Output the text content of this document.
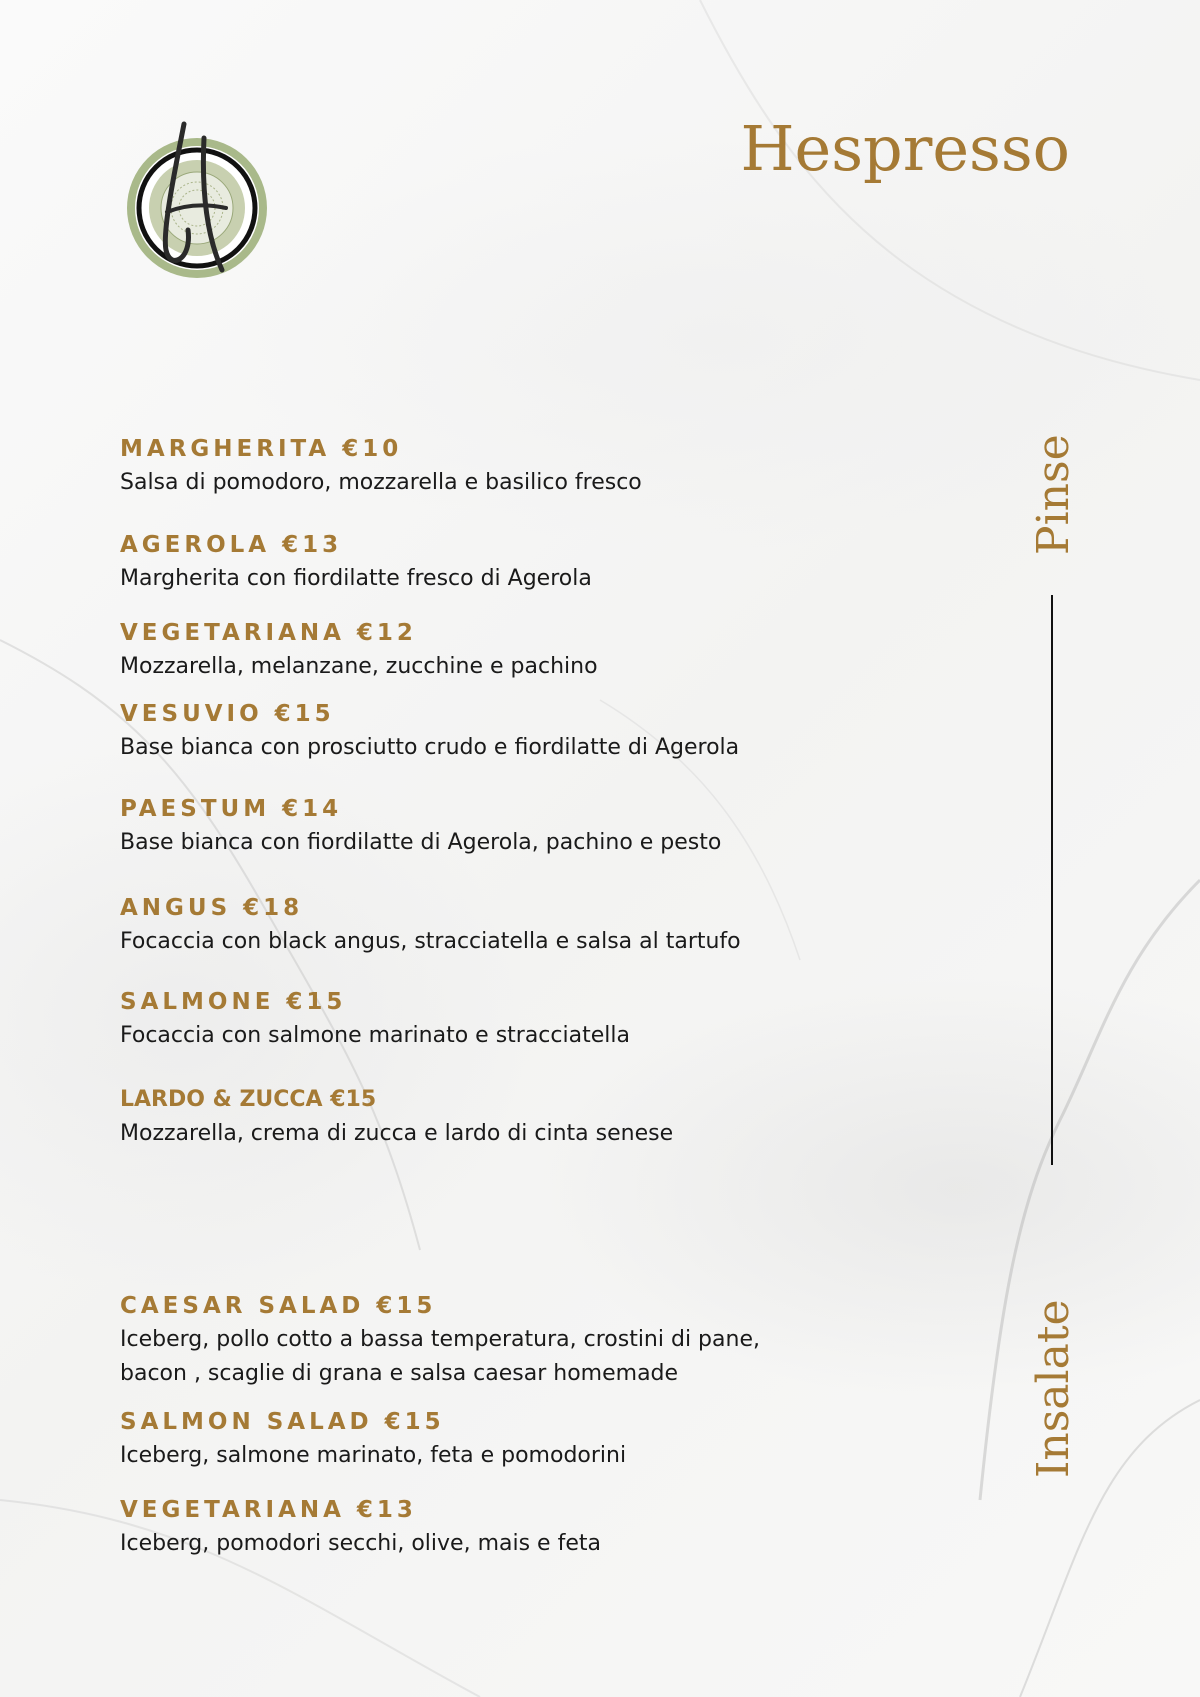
Hespresso
Pinse
Insalate
MARGHERITA €10
Salsa di pomodoro, mozzarella e basilico fresco
AGEROLA €13
Margherita con fiordilatte fresco di Agerola
VEGETARIANA €12
Mozzarella, melanzane, zucchine e pachino
VESUVIO €15
Base bianca con prosciutto crudo e fiordilatte di Agerola
PAESTUM €14
Base bianca con fiordilatte di Agerola, pachino e pesto
ANGUS €18
Focaccia con black angus, stracciatella e salsa al tartufo
SALMONE €15
Focaccia con salmone marinato e stracciatella
LARDO & ZUCCA €15
Mozzarella, crema di zucca e lardo di cinta senese
CAESAR SALAD €15
Iceberg, pollo cotto a bassa temperatura, crostini di pane,
bacon , scaglie di grana e salsa caesar homemade
SALMON SALAD €15
Iceberg, salmone marinato, feta e pomodorini
VEGETARIANA €13
Iceberg, pomodori secchi, olive, mais e feta
